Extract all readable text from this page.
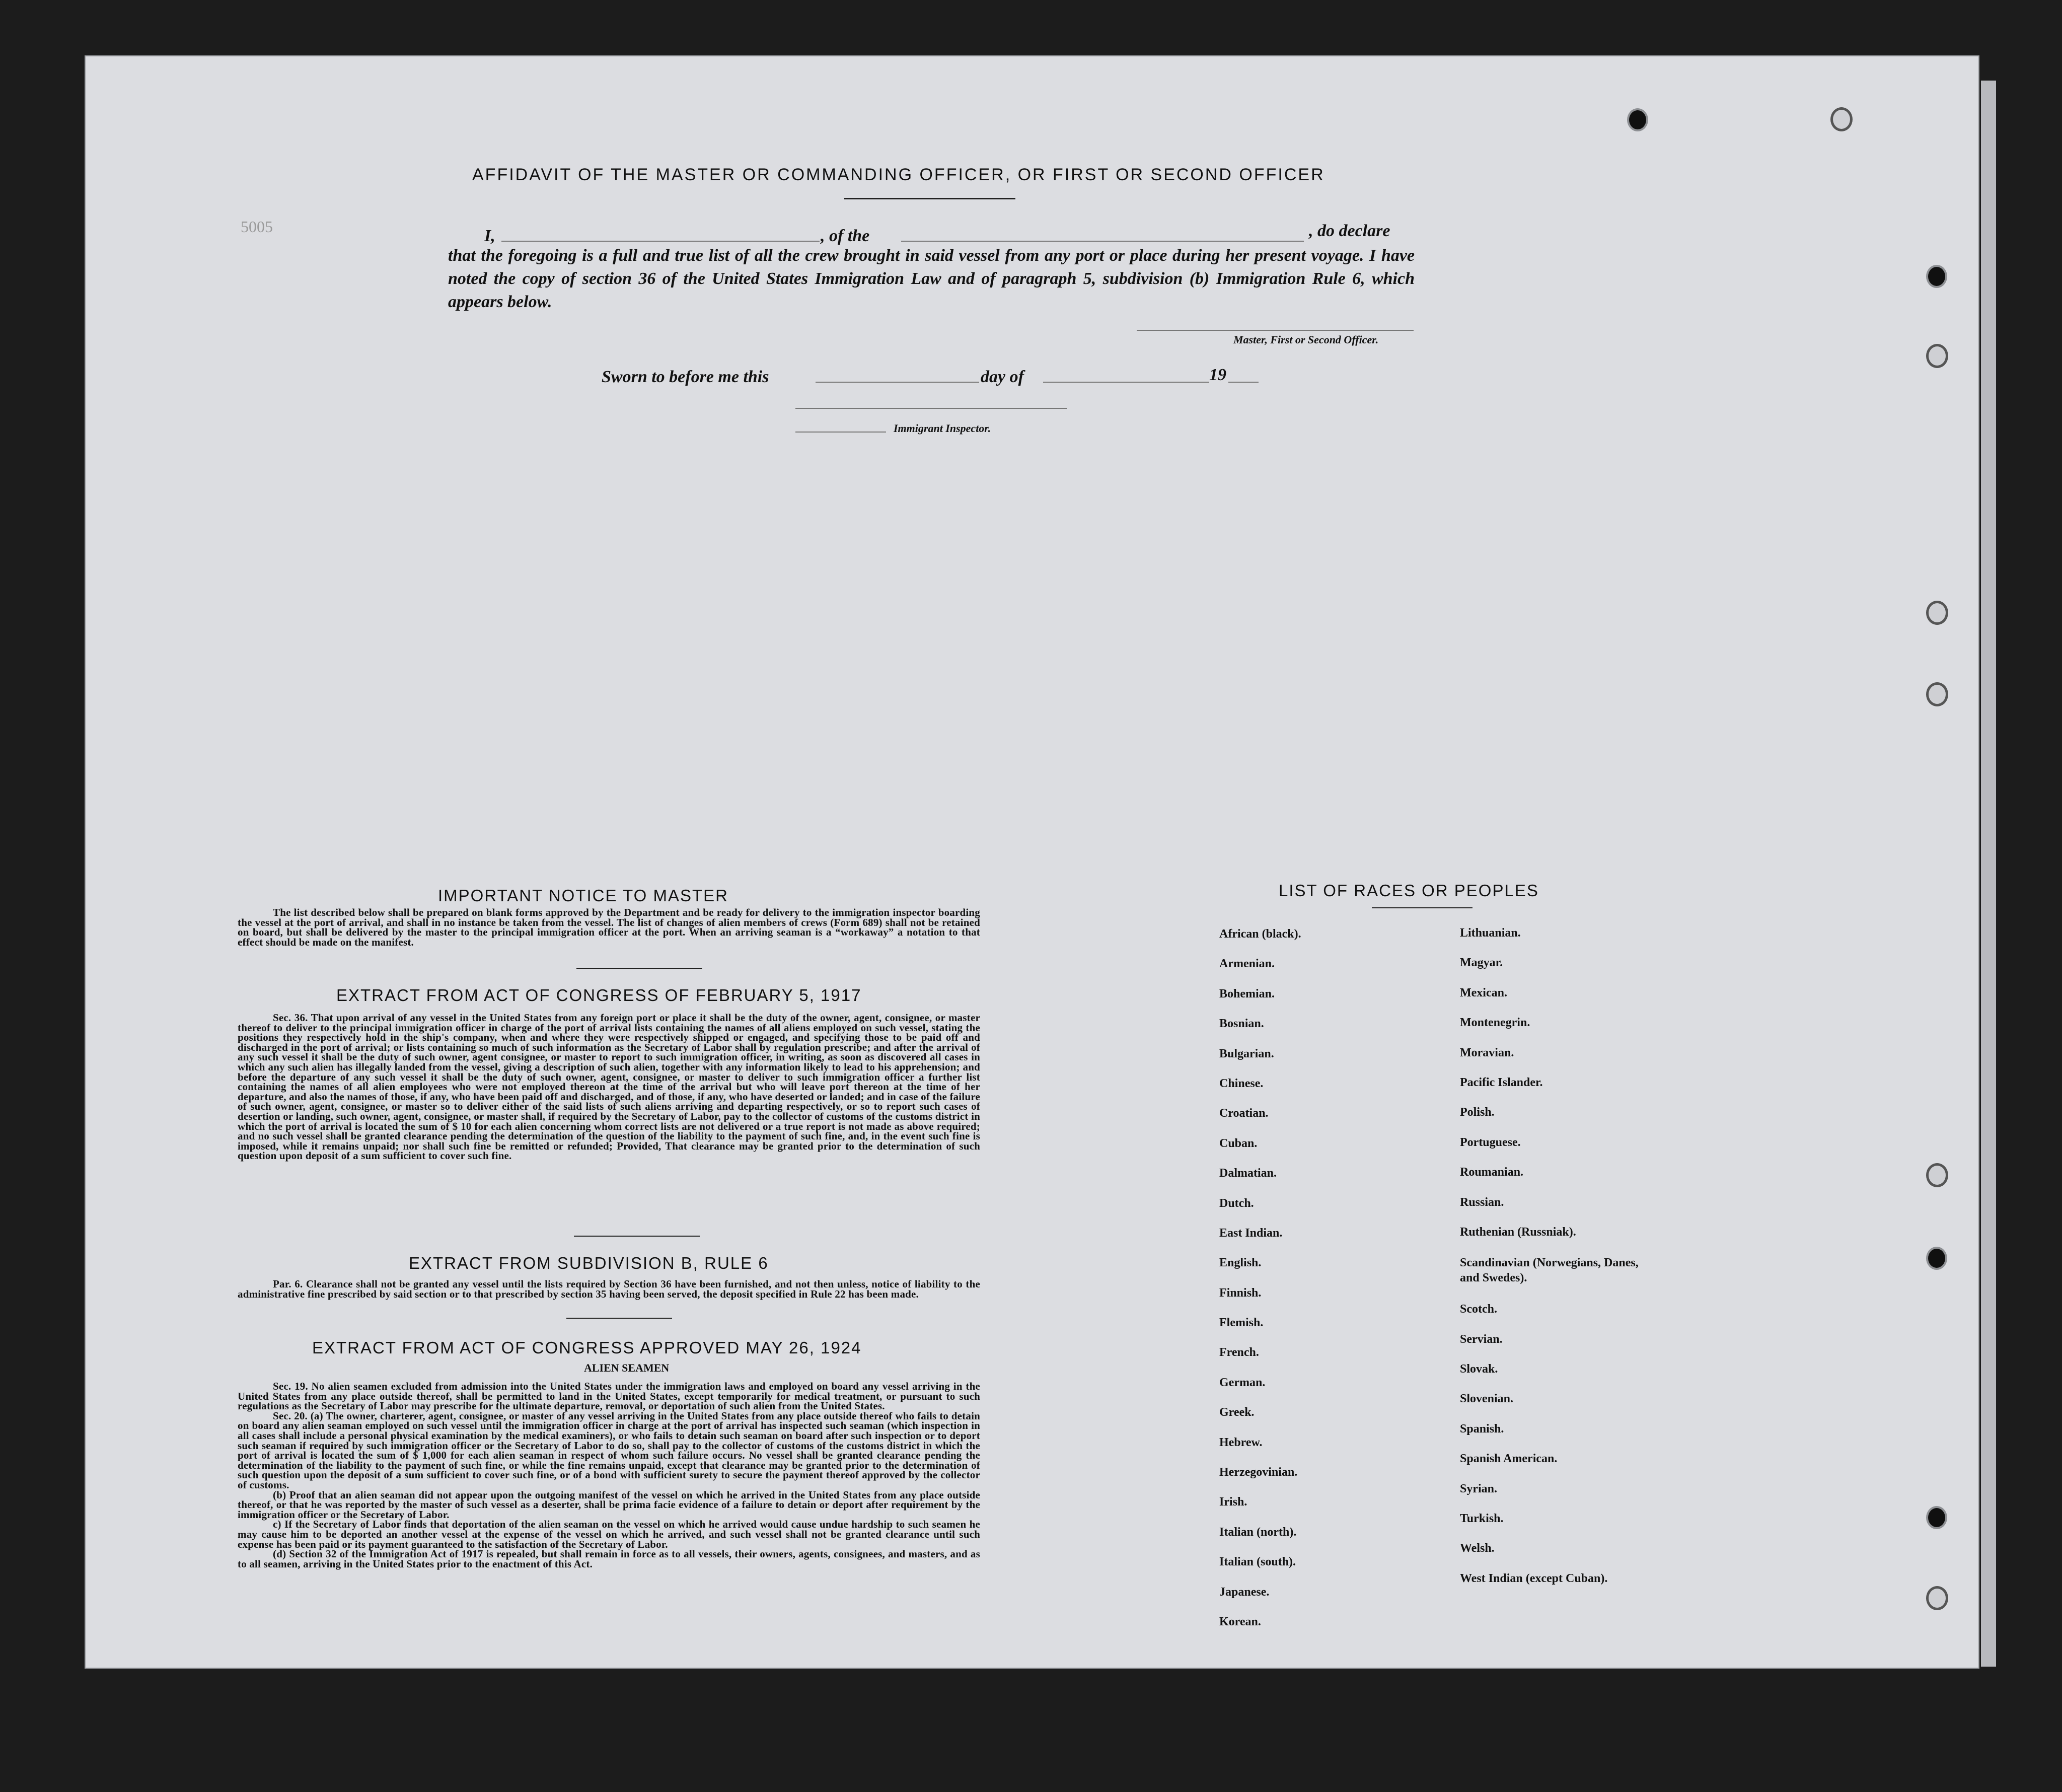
5005
AFFIDAVIT OF THE MASTER OR COMMANDING OFFICER, OR FIRST OR SECOND OFFICER
I,	, of the	, do declare
that the foregoing is a full and true list of all the crew brought in said vessel from any port or place during her present voyage. I have noted the copy of section 36 of the United States Immigration Law and of paragraph 5, subdivision (b) Immigration Rule 6, which appears below.
Master, First or Second Officer.
Sworn to before me this	day of	19
Immigrant Inspector.
IMPORTANT NOTICE TO MASTER

The list described below shall be prepared on blank forms approved by the Department and be ready for delivery to the immigration inspector boarding the vessel at the port of arrival, and shall in no instance be taken from the vessel. The list of changes of alien members of crews (Form 689) shall not be retained on board, but shall be delivered by the master to the principal immigration officer at the port. When an arriving seaman is a “workaway” a notation to that effect should be made on the manifest.

EXTRACT FROM ACT OF CONGRESS OF FEBRUARY 5, 1917

Sec. 36. That upon arrival of any vessel in the United States from any foreign port or place it shall be the duty of the owner, agent, consignee, or master thereof to deliver to the principal immigration officer in charge of the port of arrival lists containing the names of all aliens employed on such vessel, stating the positions they respectively hold in the ship's company, when and where they were respectively shipped or engaged, and specifying those to be paid off and discharged in the port of arrival; or lists containing so much of such information as the Secretary of Labor shall by regulation prescribe; and after the arrival of any such vessel it shall be the duty of such owner, agent consignee, or master to report to such immigration officer, in writing, as soon as discovered all cases in which any such alien has illegally landed from the vessel, giving a description of such alien, together with any information likely to lead to his apprehension; and before the departure of any such vessel it shall be the duty of such owner, agent, consignee, or master to deliver to such immigration officer a further list containing the names of all alien employees who were not employed thereon at the time of the arrival but who will leave port thereon at the time of her departure, and also the names of those, if any, who have been paid off and discharged, and of those, if any, who have deserted or landed; and in case of the failure of such owner, agent, consignee, or master so to deliver either of the said lists of such aliens arriving and departing respectively, or so to report such cases of desertion or landing, such owner, agent, consignee, or master shall, if required by the Secretary of Labor, pay to the collector of customs of the customs district in which the port of arrival is located the sum of $ 10 for each alien concerning whom correct lists are not delivered or a true report is not made as above required; and no such vessel shall be granted clearance pending the determination of the question of the liability to the payment of such fine, and, in the event such fine is imposed, while it remains unpaid; nor shall such fine be remitted or refunded; Provided, That clearance may be granted prior to the determination of such question upon deposit of a sum sufficient to cover such fine.

EXTRACT FROM SUBDIVISION B, RULE 6

Par. 6. Clearance shall not be granted any vessel until the lists required by Section 36 have been furnished, and not then unless, notice of liability to the administrative fine prescribed by said section or to that prescribed by section 35 having been served, the deposit specified in Rule 22 has been made.

EXTRACT FROM ACT OF CONGRESS APPROVED MAY 26, 1924
ALIEN SEAMEN

Sec. 19. No alien seamen excluded from admission into the United States under the immigration laws and employed on board any vessel arriving in the United States from any place outside thereof, shall be permitted to land in the United States, except temporarily for medical treatment, or pursuant to such regulations as the Secretary of Labor may prescribe for the ultimate departure, removal, or deportation of such alien from the United States.

Sec. 20. (a) The owner, charterer, agent, consignee, or master of any vessel arriving in the United States from any place outside thereof who fails to detain on board any alien seaman employed on such vessel until the immigration officer in charge at the port of arrival has inspected such seaman (which inspection in all cases shall include a personal physical examination by the medical examiners), or who fails to detain such seaman on board after such inspection or to deport such seaman if required by such immigration officer or the Secretary of Labor to do so, shall pay to the collector of customs of the customs district in which the port of arrival is located the sum of $ 1,000 for each alien seaman in respect of whom such failure occurs. No vessel shall be granted clearance pending the determination of the liability to the payment of such fine, or while the fine remains unpaid, except that clearance may be granted prior to the determination of such question upon the deposit of a sum sufficient to cover such fine, or of a bond with sufficient surety to secure the payment thereof approved by the collector of customs.

(b) Proof that an alien seaman did not appear upon the outgoing manifest of the vessel on which he arrived in the United States from any place outside thereof, or that he was reported by the master of such vessel as a deserter, shall be prima facie evidence of a failure to detain or deport after requirement by the immigration officer or the Secretary of Labor.

c) If the Secretary of Labor finds that deportation of the alien seaman on the vessel on which he arrived would cause undue hardship to such seamen he may cause him to be deported an another vessel at the expense of the vessel on which he arrived, and such vessel shall not be granted clearance until such expense has been paid or its payment guaranteed to the satisfaction of the Secretary of Labor.

(d) Section 32 of the Immigration Act of 1917 is repealed, but shall remain in force as to all vessels, their owners, agents, consignees, and masters, and as to all seamen, arriving in the United States prior to the enactment of this Act.

LIST OF RACES OR PEOPLES
African (black).
Armenian.
Bohemian.
Bosnian.
Bulgarian.
Chinese.
Croatian.
Cuban.
Dalmatian.
Dutch.
East Indian.
English.
Finnish.
Flemish.
French.
German.
Greek.
Hebrew.
Herzegovinian.
Irish.
Italian (north).
Italian (south).
Japanese.
Korean.
Lithuanian.
Magyar.
Mexican.
Montenegrin.
Moravian.
Pacific Islander.
Polish.
Portuguese.
Roumanian.
Russian.
Ruthenian (Russniak).
Scandinavian (Norwegians, Danes, and Swedes).
Scotch.
Servian.
Slovak.
Slovenian.
Spanish.
Spanish American.
Syrian.
Turkish.
Welsh.
West Indian (except Cuban).
